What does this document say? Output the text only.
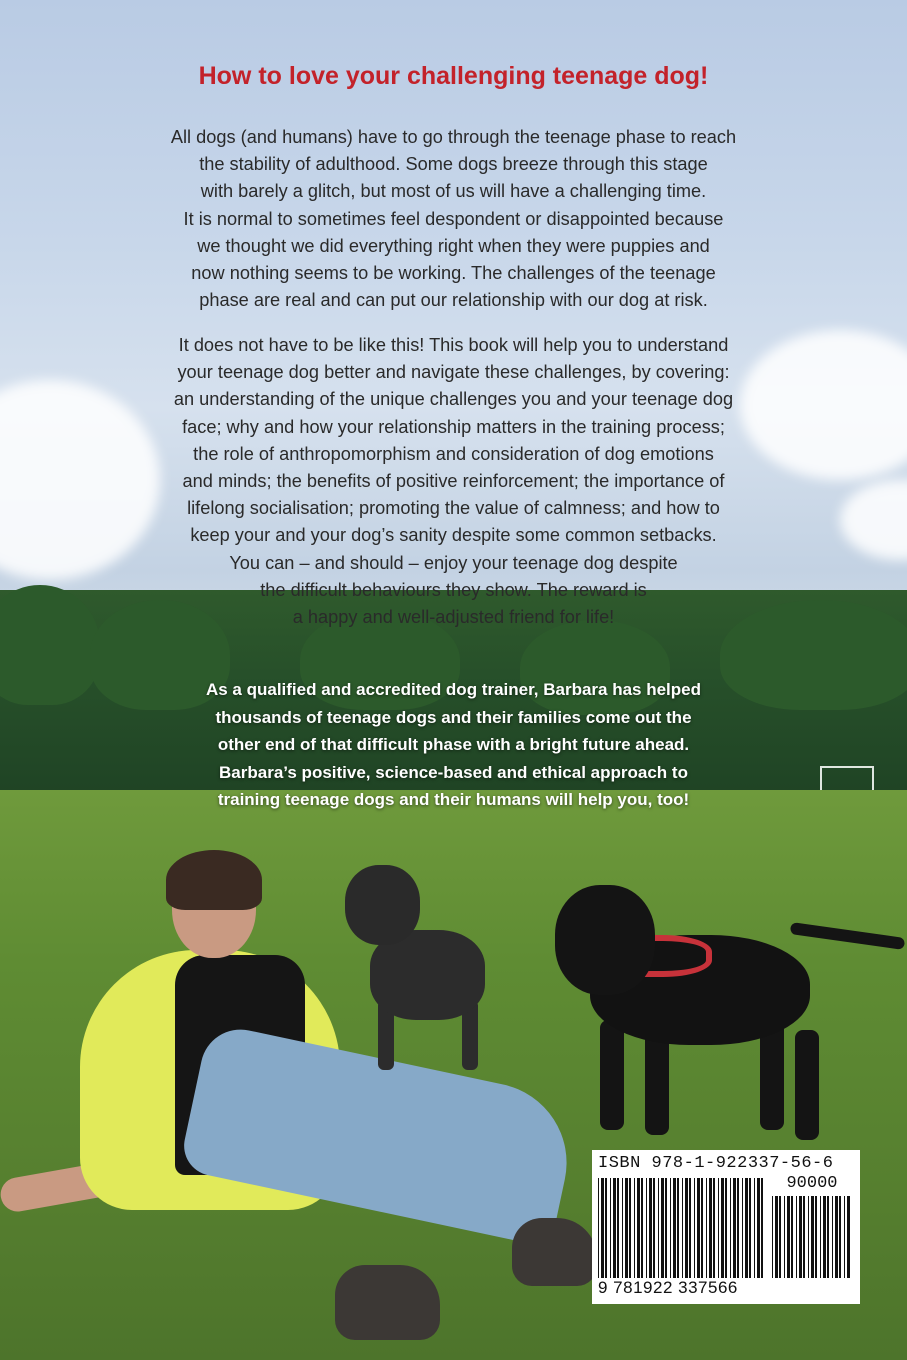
How to love your challenging teenage dog!

All dogs (and humans) have to go through the teenage phase to reach
the stability of adulthood. Some dogs breeze through this stage
with barely a glitch, but most of us will have a challenging time.
It is normal to sometimes feel despondent or disappointed because
we thought we did everything right when they were puppies and
now nothing seems to be working. The challenges of the teenage
phase are real and can put our relationship with our dog at risk.

It does not have to be like this! This book will help you to understand
your teenage dog better and navigate these challenges, by covering:
an understanding of the unique challenges you and your teenage dog
face; why and how your relationship matters in the training process;
the role of anthropomorphism and consideration of dog emotions
and minds; the benefits of positive reinforcement; the importance of
lifelong socialisation; promoting the value of calmness; and how to
keep your and your dog’s sanity despite some common setbacks.
You can – and should – enjoy your teenage dog despite
the difficult behaviours they show. The reward is
a happy and well-adjusted friend for life!

As a qualified and accredited dog trainer, Barbara has helped
thousands of teenage dogs and their families come out the
other end of that difficult phase with a bright future ahead.
Barbara’s positive, science-based and ethical approach to
training teenage dogs and their humans will help you, too!

ISBN 978-1-922337-56-6
90000
9 781922 337566
